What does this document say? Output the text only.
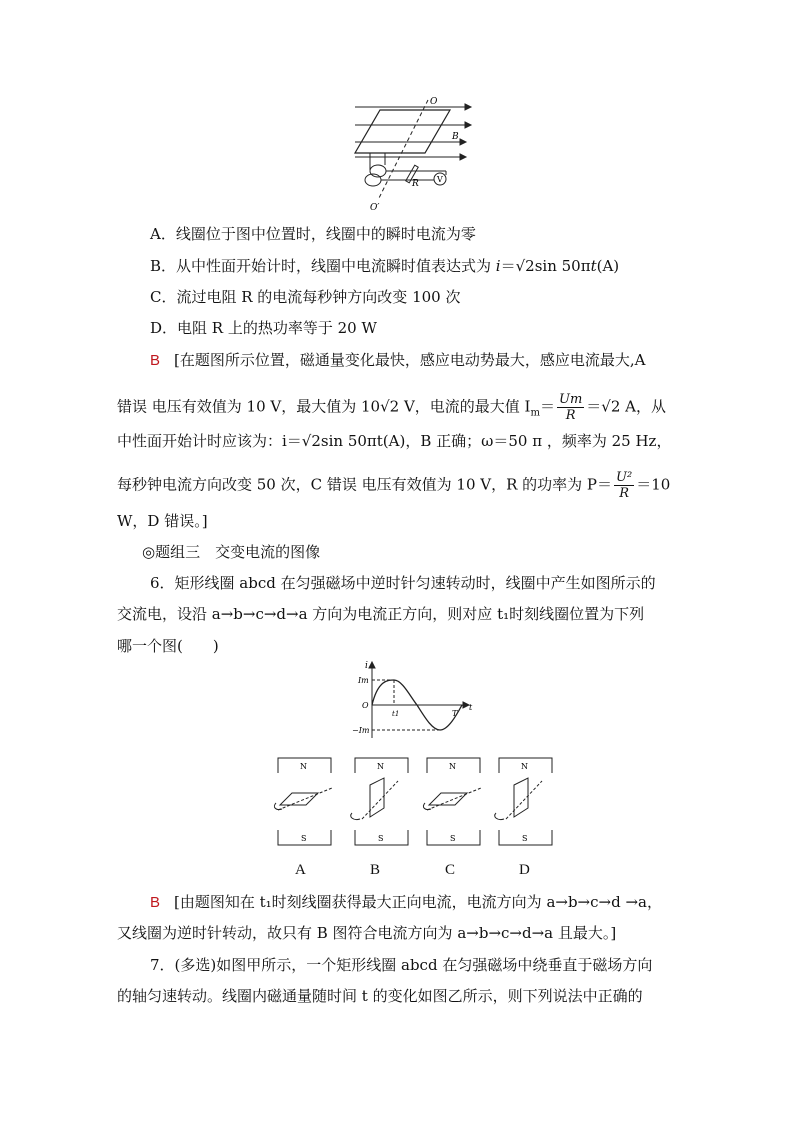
O
B
O′
R V
A．线圈位于图中位置时，线圈中的瞬时电流为零
B．从中性面开始计时，线圈中电流瞬时值表达式为 i＝√2sin 50πt(A)
C．流过电阻 R 的电流每秒钟方向改变 100 次
D．电阻 R 上的热功率等于 20 W
B [在题图所示位置，磁通量变化最快，感应电动势最大，感应电流最大,A
错误 电压有效值为 10 V，最大值为 10√2 V，电流的最大值 $I_m= \frac{Um}{R} =√2$ A，从
中性面开始计时应该为：i＝√2sin 50πt(A)，B 正确；ω＝50 π ，频率为 25 Hz，
每秒钟电流方向改变 50 次，C 错误 电压有效值为 10 V，R 的功率为 $P= \frac{\text{U²}}{R} =10$
W，D 错误。]
◎题组三　交变电流的图像
6．矩形线圈 abcd 在匀强磁场中逆时针匀速转动时，线圈中产生如图所示的
交流电，设沿 a→b→c→d→a 方向为电流正方向，则对应 t₁时刻线圈位置为下列
哪一个图(　　)
i
Im
O
−Im
t1	T
t
N
S
N
S
N
S
N
S
A	B	C	D
B [由题图知在 t₁时刻线圈获得最大正向电流，电流方向为 a→b→c→d →a，
又线圈为逆时针转动，故只有 B 图符合电流方向为 a→b→c→d→a 且最大。]
7．(多选)如图甲所示，一个矩形线圈 abcd 在匀强磁场中绕垂直于磁场方向
的轴匀速转动。线圈内磁通量随时间 t 的变化如图乙所示，则下列说法中正确的
